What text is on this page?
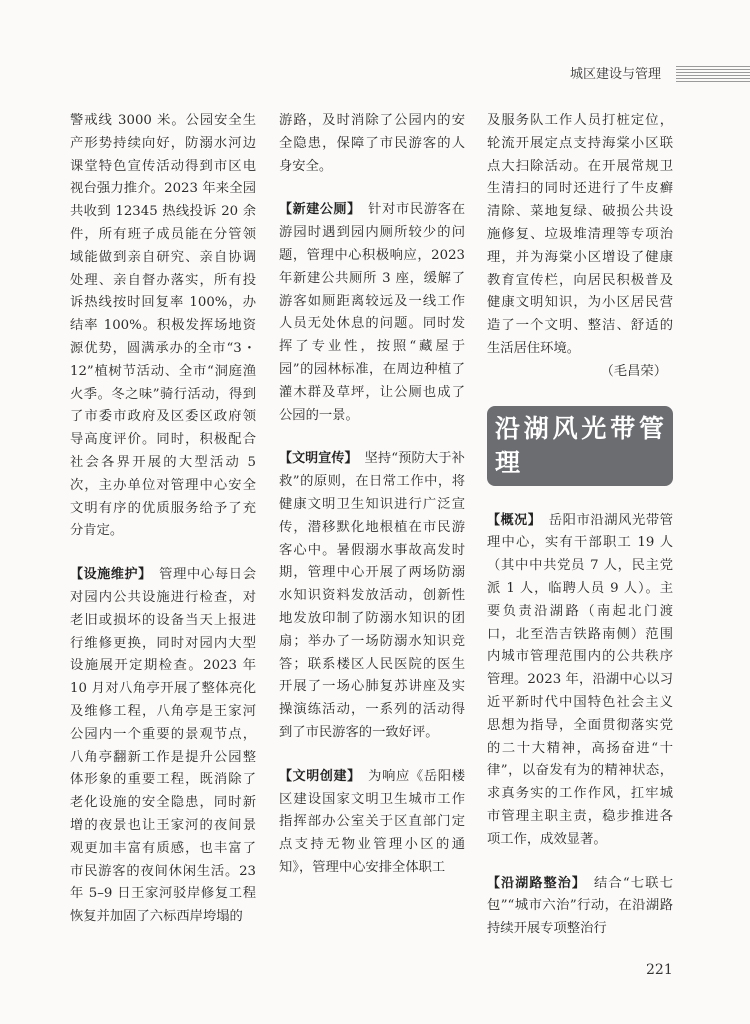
城区建设与管理

警戒线 3000 米。公园安全生产形势持续向好，防溺水河边课堂特色宣传活动得到市区电视台强力推介。2023 年来全园共收到 12345 热线投诉 20 余件，所有班子成员能在分管领域能做到亲自研究、亲自协调处理、亲自督办落实，所有投诉热线按时回复率 100%，办结率 100%。积极发挥场地资源优势，圆满承办的全市“3・12”植树节活动、全市“洞庭渔火季。冬之味”骑行活动，得到了市委市政府及区委区政府领导高度评价。同时，积极配合社会各界开展的大型活动 5 次，主办单位对管理中心安全文明有序的优质服务给予了充分肯定。

【设施维护】　 管理中心每日会对园内公共设施进行检查，对老旧或损坏的设备当天上报进行维修更换，同时对园内大型设施展开定期检查。2023 年 10 月对八角亭开展了整体亮化及维修工程，八角亭是王家河公园内一个重要的景观节点，八角亭翻新工作是提升公园整体形象的重要工程，既消除了老化设施的安全隐患，同时新增的夜景也让王家河的夜间景观更加丰富有质感，也丰富了市民游客的夜间休闲生活。23 年 5–9 日王家河驳岸修复工程恢复并加固了六标西岸垮塌的

游路，及时消除了公园内的安全隐患，保障了市民游客的人身安全。

【新建公厕】　 针对市民游客在游园时遇到园内厕所较少的问题，管理中心积极响应，2023 年新建公共厕所 3 座，缓解了游客如厕距离较远及一线工作人员无处休息的问题。同时发挥了专业性，按照“藏屋于园”的园林标准，在周边种植了灌木群及草坪，让公厕也成了公园的一景。

【文明宣传】　 坚持“预防大于补救”的原则，在日常工作中，将健康文明卫生知识进行广泛宣传，潜移默化地根植在市民游客心中。暑假溺水事故高发时期，管理中心开展了两场防溺水知识资料发放活动，创新性地发放印制了防溺水知识的团扇；举办了一场防溺水知识竞答；联系楼区人民医院的医生开展了一场心肺复苏讲座及实操演练活动，一系列的活动得到了市民游客的一致好评。

【文明创建】　 为响应《岳阳楼区建设国家文明卫生城市工作指挥部办公室关于区直部门定点支持无物业管理小区的通知》，管理中心安排全体职工

及服务队工作人员打桩定位，轮流开展定点支持海棠小区联点大扫除活动。在开展常规卫生清扫的同时还进行了牛皮癣清除、菜地复绿、破损公共设施修复、垃圾堆清理等专项治理，并为海棠小区增设了健康教育宣传栏，向居民积极普及健康文明知识，为小区居民营造了一个文明、整洁、舒适的生活居住环境。

（毛昌荣）

沿湖风光带管理

【概况】　 岳阳市沿湖风光带管理中心，实有干部职工 19 人（其中中共党员 7 人，民主党派 1 人，临聘人员 9 人）。主要负责沿湖路（南起北门渡口，北至浩吉铁路南侧）范围内城市管理范围内的公共秩序管理。2023 年，沿湖中心以习近平新时代中国特色社会主义思想为指导，全面贯彻落实党的二十大精神，高扬奋进“十律”，以奋发有为的精神状态，求真务实的工作作风，扛牢城市管理主职主责，稳步推进各项工作，成效显著。

【沿湖路整治】　 结合“七联七包”“城市六治”行动，在沿湖路持续开展专项整治行

221
